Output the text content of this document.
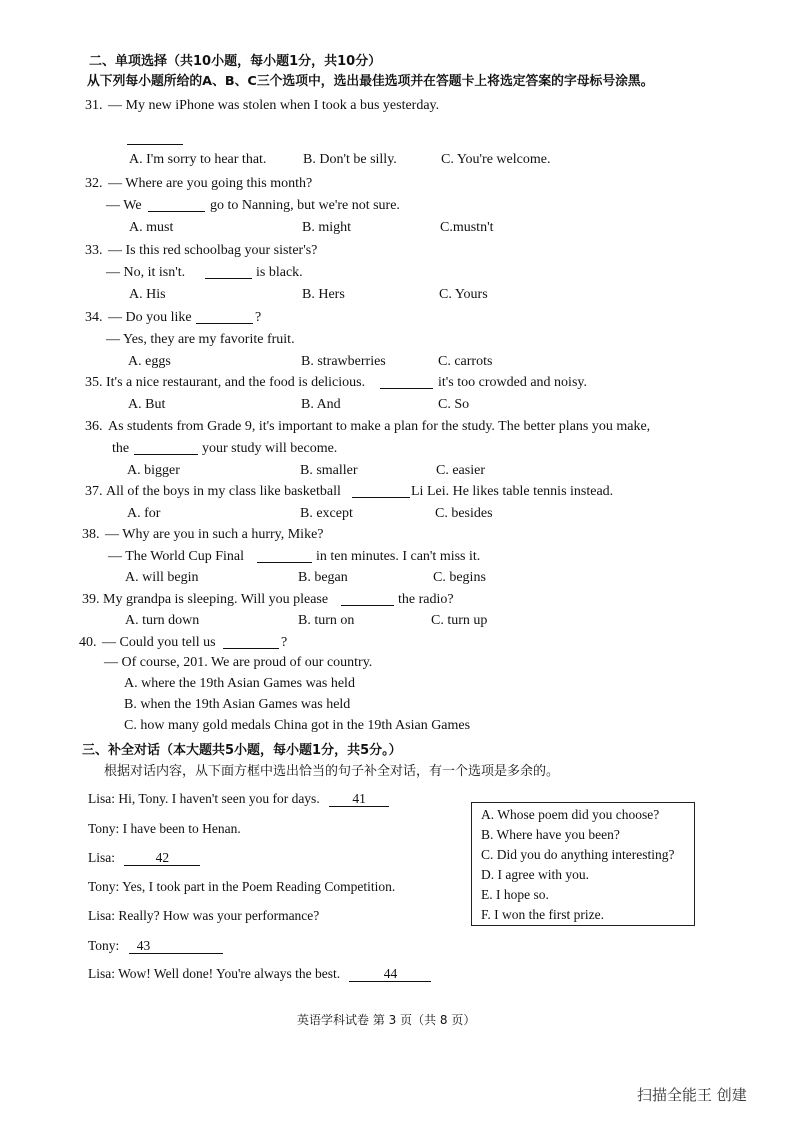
二、单项选择（共10小题，每小题1分，共10分）
从下列每小题所给的A、B、C三个选项中，选出最佳选项并在答题卡上将选定答案的字母标号涂黑。
31. — My new iPhone was stolen when I took a bus yesterday.
A. I'm sorry to hear that.	B. Don't be silly.	C. You're welcome.
32. — Where are you going this month?
— We	go to Nanning, but we're not sure.
A. must	B. might	C.mustn't
33. — Is this red schoolbag your sister's?
— No, it isn't.	is black.
A. His	B. Hers	C. Yours
34. — Do you like	?
— Yes, they are my favorite fruit.
A. eggs	B. strawberries	C. carrots
35. It's a nice restaurant, and the food is delicious.	it's too crowded and noisy.
A. But	B. And	C. So
36. As students from Grade 9, it's important to make a plan for the study. The better plans you make,
the	your study will become.
A. bigger	B. smaller	C. easier
37. All of the boys in my class like basketball	Li Lei. He likes table tennis instead.
A. for	B. except	C. besides
38. — Why are you in such a hurry, Mike?
— The World Cup Final	in ten minutes. I can't miss it.
A. will begin	B. began	C. begins
39. My grandpa is sleeping. Will you please	the radio?
A. turn down	B. turn on	C. turn up
40. — Could you tell us	?
— Of course, 201. We are proud of our country.
A. where the 19th Asian Games was held
B. when the 19th Asian Games was held
C. how many gold medals China got in the 19th Asian Games
三、补全对话（本大题共5小题，每小题1分，共5分。）
根据对话内容，从下面方框中选出恰当的句子补全对话，有一个选项是多余的。
Lisa: Hi, Tony. I haven't seen you for days. 41
Tony: I have been to Henan.
Lisa:	42
Tony: Yes, I took part in the Poem Reading Competition.
Lisa: Really? How was your performance?
Tony: 43
Lisa: Wow! Well done! You're always the best.	44
A. Whose poem did you choose?
B. Where have you been?
C. Did you do anything interesting?
D. I agree with you.
E. I hope so.
F. I won the first prize.
英语学科试卷 第 3 页（共 8 页）
扫描全能王 创建
